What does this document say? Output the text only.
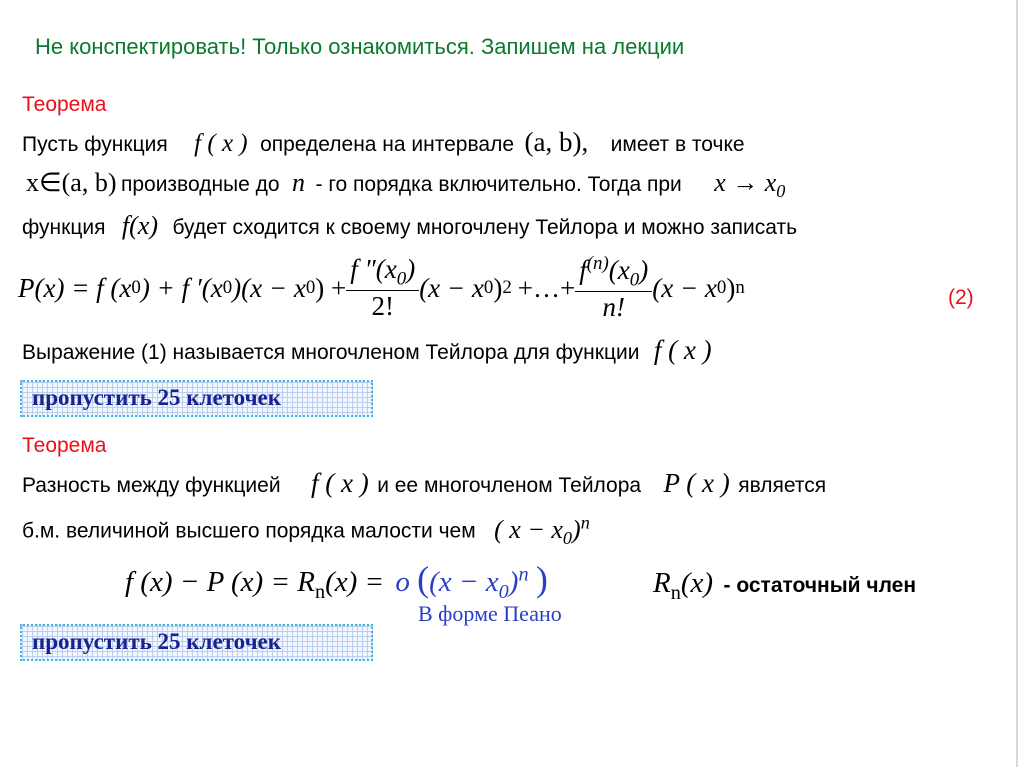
Не конспектировать! Только ознакомиться. Запишем на лекции
Теорема
Пусть функция f ( x ) определена на интервале (a, b), имеет в точке
x∈(a, b) производные до n - го порядка включительно. Тогда при $x \to x_0$
функция f(x) будет сходится к своему многочлену Тейлора и можно записать
P(x) = f (x 0 ) + f ′(x 0 )(x − x 0 ) + $\frac{f ''(x_0)}{2!} (x - x$ 0 ) 2 +…+ $\frac{f^{(n)}(x_0)}{n!} (x - x$ 0 ) n	(2)
Выражение (1) называется многочленом Тейлора для функции f ( x )
пропустить 25 клеточек
Теорема
Разность между функцией f ( x ) и ее многочленом Тейлора P ( x ) является
б.м. величиной высшего порядка малости чем ( $x - x_0)^n$
f (x) − P $(x) = R_n(x) = o$ ($(x - x_0)^n$ )
В форме Пеано
$R_n(x)$ - остаточный член
пропустить 25 клеточек
